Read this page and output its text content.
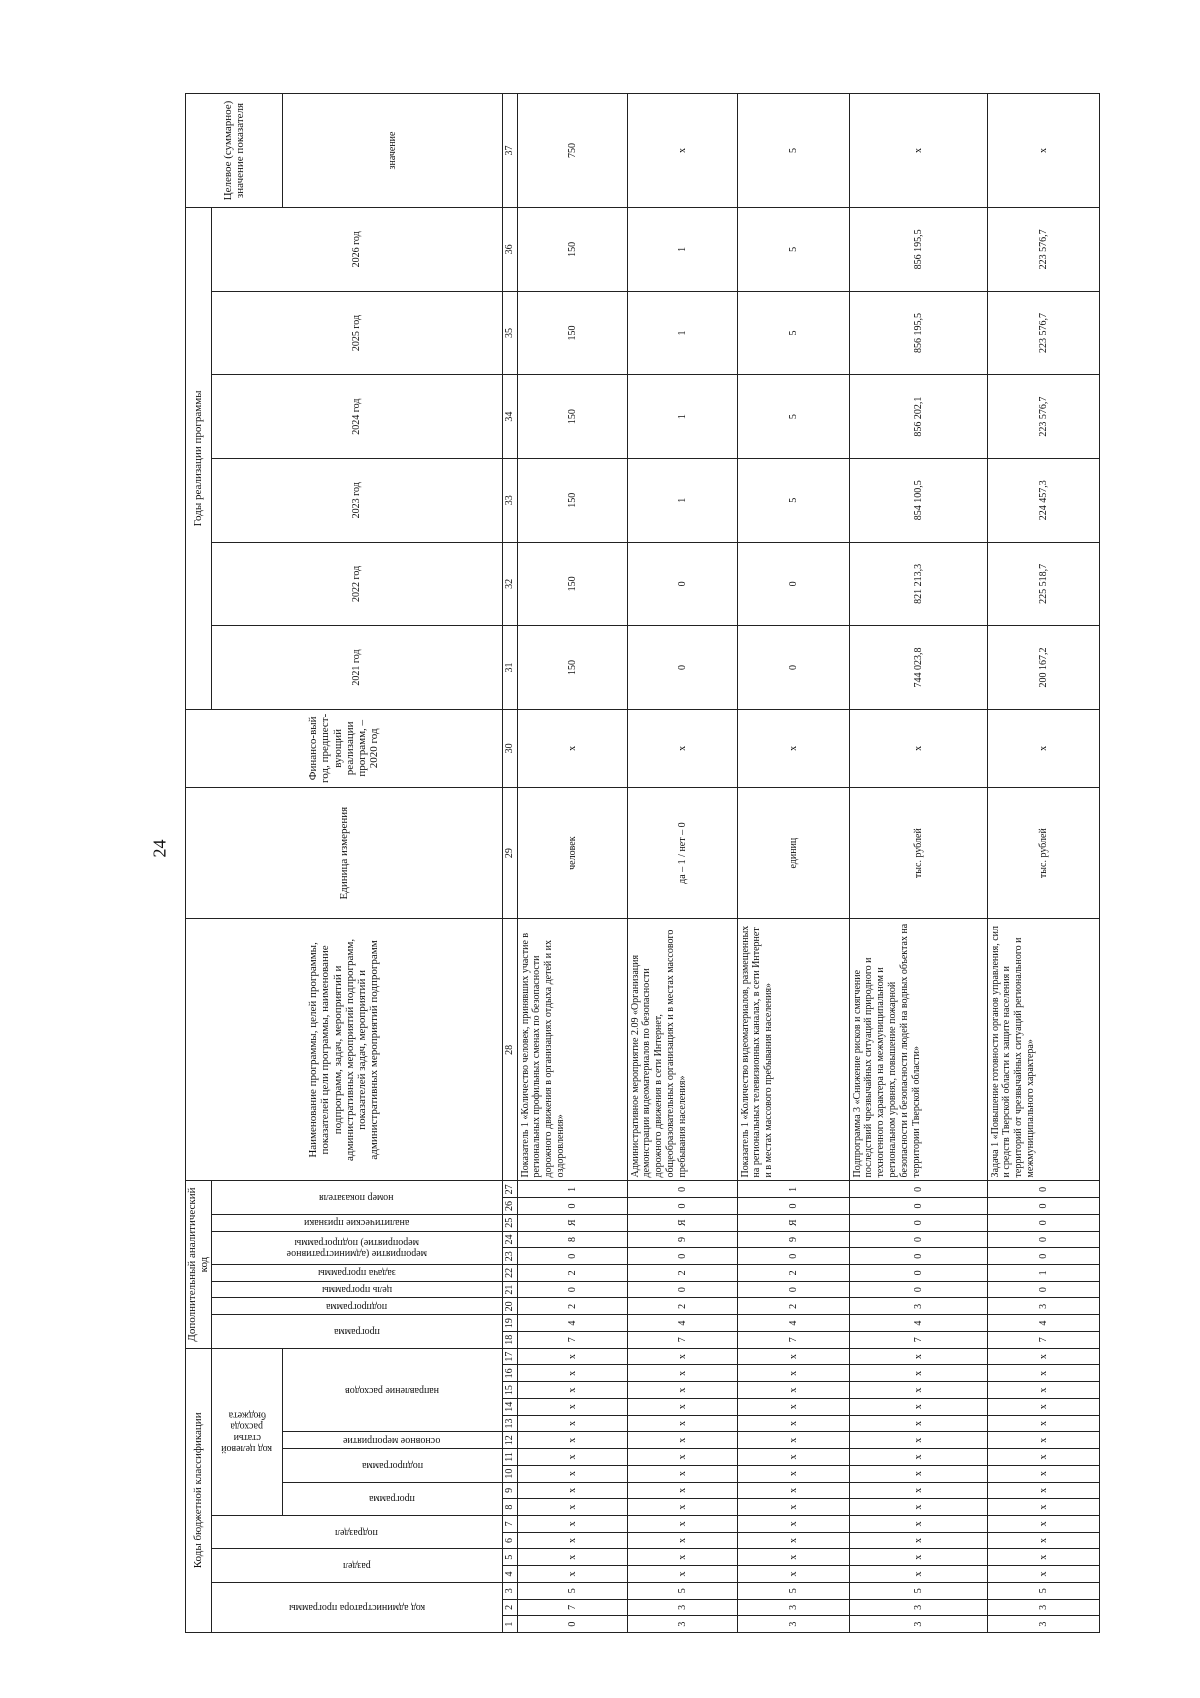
24
Коды бюджетной классификации																	Дополнительный аналитический код										Наименование программы, целей программы, показателей цели программы, наименование подпрограмм, задач, мероприятий и административных мероприятий подпрограмм, показателей задач, мероприятий и административных мероприятий подпрограмм	Единица измерения	Финансо-вый год, предшест-вующий реализации программ, – 2020 год	Годы реализации программы						Целевое (суммарное) значение показателя

код администратора программы			раздел		подраздел		код целевой статьи расхода бюджета										программа		подпрограмма	цель программы	задача программы	мероприятие (административное мероприятие) подпрограммы		аналитические признаки	номер показателя					2021 год	2022 год	2023 год	2024 год	2025 год	2026 год	

							программа		подпрограмма		основное мероприятие	направление расходов																								значение
1	2	3	4	5	6	7	8	9	10	11	12	13	14	15	16	17	18	19	20	21	22	23	24	25	26	27	28	29	30	31	32	33	34	35	36	37
0	7	5	x	x	x	x	x	x	x	x	x	x	x	x	x	x	7	4	2	0	2	0	8	Я	0	1	Показатель 1 «Количество человек, принявших участие в региональных профильных сменах по безопасности дорожного движения в организациях отдыха детей и их оздоровления»	человек	x	150	150	150	150	150	150	750
3	3	5	x	x	x	x	x	x	x	x	x	x	x	x	x	x	7	4	2	0	2	0	9	Я	0	0	Административное мероприятие 2.09 «Организация демонстрации видеоматериалов по безопасности дорожного движения в сети Интернет, общеобразовательных организациях и в местах массового пребывания населения»	да – 1 / нет – 0	x	0	0	1	1	1	1	x
3	3	5	x	x	x	x	x	x	x	x	x	x	x	x	x	x	7	4	2	0	2	0	9	Я	0	1	Показатель 1 «Количество видеоматериалов, размещенных на региональных телевизионных каналах, в сети Интернет и в местах массового пребывания населения»	единиц	x	0	0	5	5	5	5	5
3	3	5	x	x	x	x	x	x	x	x	x	x	x	x	x	x	7	4	3	0	0	0	0	0	0	0	Подпрограмма 3 «Снижение рисков и смягчение последствий чрезвычайных ситуаций природного и техногенного характера на межмуниципальном и региональном уровнях, повышение пожарной безопасности и безопасности людей на водных объектах на территории Тверской области»	тыс. рублей	x	744 023,8	821 213,3	854 100,5	856 202,1	856 195,5	856 195,5	x
3	3	5	x	x	x	x	x	x	x	x	x	x	x	x	x	x	7	4	3	0	1	0	0	0	0	0	Задача 1 «Повышение готовности органов управления, сил и средств Тверской области к защите населения и территорий от чрезвычайных ситуаций регионального и межмуниципального характера»	тыс. рублей	x	200 167,2	225 518,7	224 457,3	223 576,7	223 576,7	223 576,7	x
